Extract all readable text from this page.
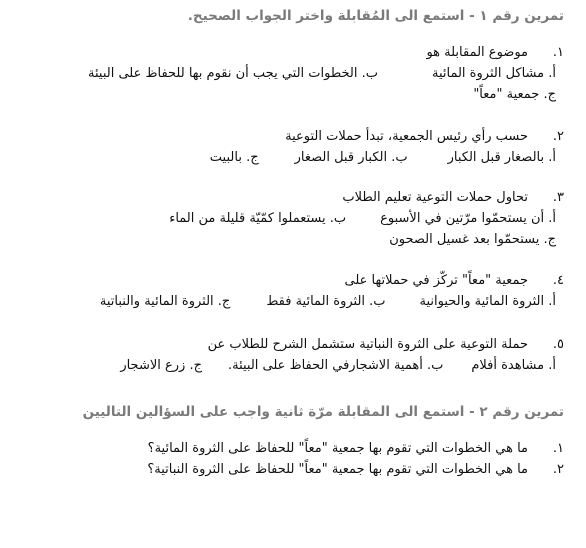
تمرين رقم ١ - استمع الى المُقابلة واختر الجواب الصحيح.
١.
موضوع المقابلة هو
أ. مشاكل الثروة المائية
ب. الخطوات التي يجب أن نقوم بها للحفاظ على البيئة
ج. جمعية "معاً"
٢.
حسب رأي رئيس الجمعية، تبدأ حملات التوعية
أ. بالصغار قبل الكبار
ب. الكبار قبل الصغار
ج. بالبيت
٣.
تحاول حملات التوعية تعليم الطلاب
أ. أن يستحمّوا مرّتين في الأسبوع
ب. يستعملوا كمّيّة قليلة من الماء
ج. يستحمّوا بعد غسيل الصحون
٤.
جمعية "معاً" تركّز في حملاتها على
أ. الثروة المائية والحيوانية
ب. الثروة المائية فقط
ج. الثروة المائية والنباتية
٥.
حملة التوعية على الثروة النباتية ستشمل الشرح للطلاب عن
أ. مشاهدة أفلام
ب. أهمية الاشجارفي الحفاظ على البيئة.
ج. زرع الاشجار
تمرين رقم ٢ - استمع الى المقابلة مرّة ثانية واجب على السؤالين التاليين
١.
ما هي الخطوات التي تقوم بها جمعية "معاً" للحفاظ على الثروة المائية؟
٢.
ما هي الخطوات التي تقوم بها جمعية "معاً" للحفاظ على الثروة النباتية؟
